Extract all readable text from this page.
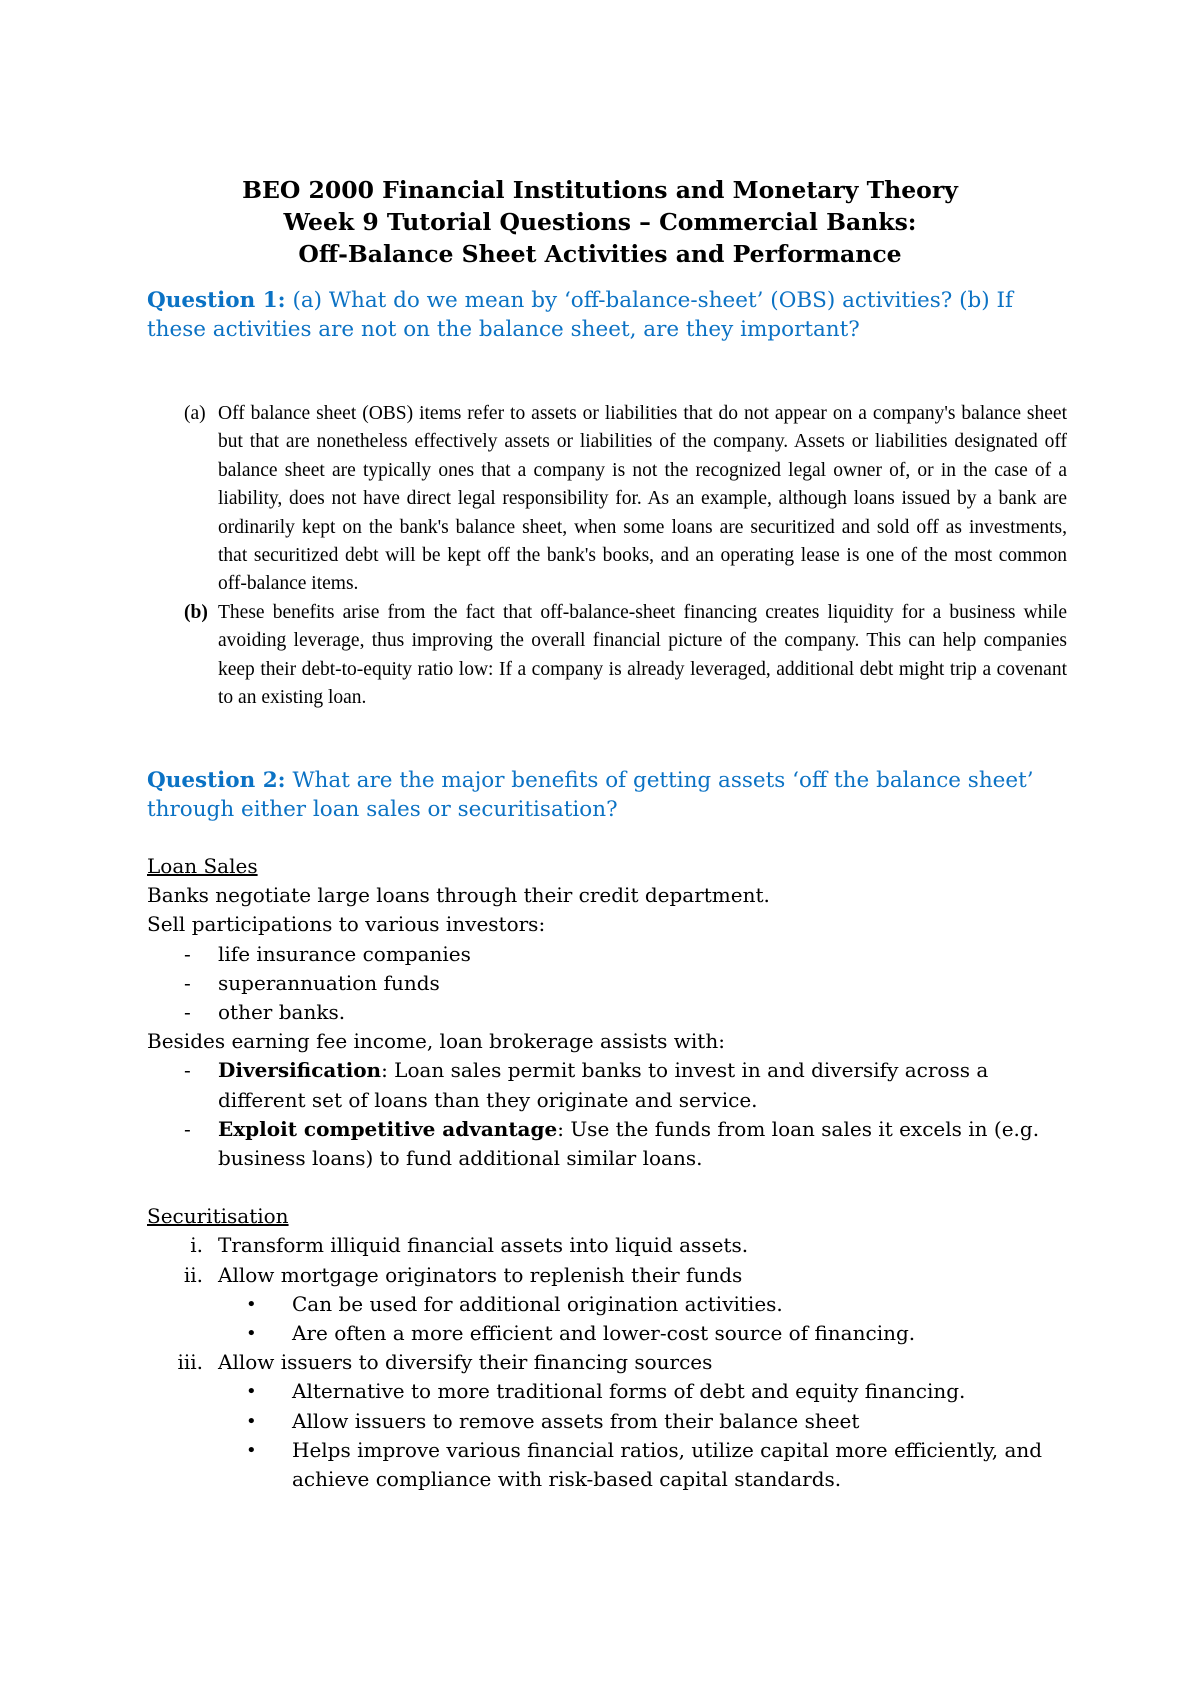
BEO 2000 Financial Institutions and Monetary Theory
Week 9 Tutorial Questions – Commercial Banks:
Off-Balance Sheet Activities and Performance
Question 1: (a) What do we mean by ‘off-balance-sheet’ (OBS) activities? (b) If these activities are not on the balance sheet, are they important?
(a) Off balance sheet (OBS) items refer to assets or liabilities that do not appear on a company's balance sheet but that are nonetheless effectively assets or liabilities of the company. Assets or liabilities designated off balance sheet are typically ones that a company is not the recognized legal owner of, or in the case of a liability, does not have direct legal responsibility for. As an example, although loans issued by a bank are ordinarily kept on the bank's balance sheet, when some loans are securitized and sold off as investments, that securitized debt will be kept off the bank's books, and an operating lease is one of the most common off-balance items.
(b) These benefits arise from the fact that off-balance-sheet financing creates liquidity for a business while avoiding leverage, thus improving the overall financial picture of the company. This can help companies keep their debt-to-equity ratio low: If a company is already leveraged, additional debt might trip a covenant to an existing loan.
Question 2: What are the major benefits of getting assets ‘off the balance sheet’ through either loan sales or securitisation?
Loan Sales
Banks negotiate large loans through their credit department.
Sell participations to various investors:
- life insurance companies
- superannuation funds
- other banks.
Besides earning fee income, loan brokerage assists with:
- Diversification: Loan sales permit banks to invest in and diversify across a different set of loans than they originate and service.
- Exploit competitive advantage: Use the funds from loan sales it excels in (e.g. business loans) to fund additional similar loans.
Securitisation
i. Transform illiquid financial assets into liquid assets.
ii. Allow mortgage originators to replenish their funds
• Can be used for additional origination activities.
• Are often a more efficient and lower-cost source of financing.
iii. Allow issuers to diversify their financing sources
• Alternative to more traditional forms of debt and equity financing.
• Allow issuers to remove assets from their balance sheet
• Helps improve various financial ratios, utilize capital more efficiently, and achieve compliance with risk-based capital standards.
